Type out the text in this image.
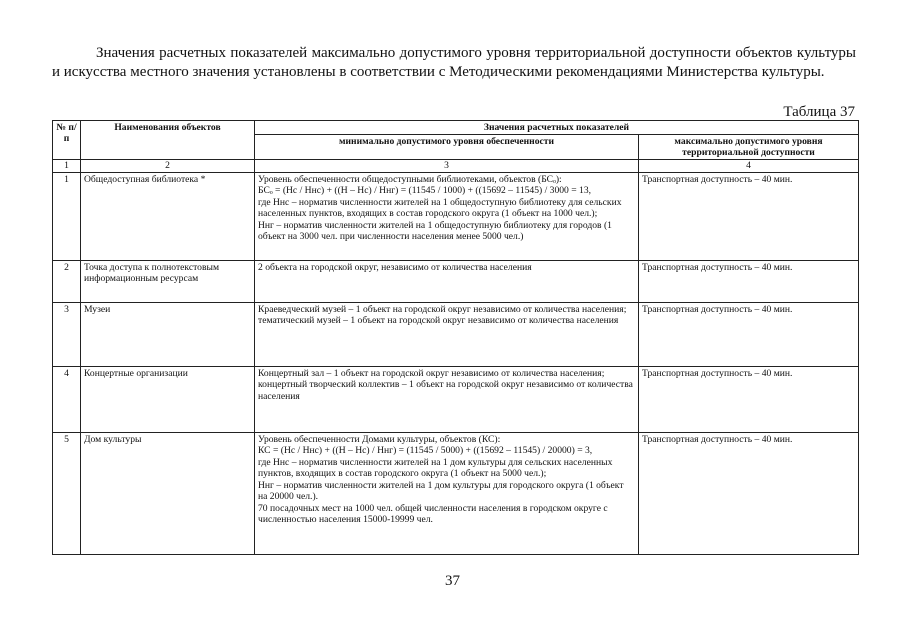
Значения расчетных показателей максимально допустимого уровня территориальной доступности объектов культуры и искусства местного значения установлены в соответствии с Методическими рекомендациями Министерства культуры.

Таблица 37
№ п/п	Наименования объектов	Значения расчетных показателей	
		минимально допустимого уровня обеспеченности	максимально допустимого уровня территориальной доступности
1	2	3	4
1	Общедоступная библиотека *	Уровень обеспеченности общедоступными библиотеками, объектов (БСₒ):
БСₒ = (Нс / Ннс) + ((Н – Нс) / Ннг) = (11545 / 1000) + ((15692 – 11545) / 3000 = 13,
где Ннс – норматив численности жителей на 1 общедоступную библиотеку для сельских населенных пунктов, входящих в состав городского округа (1 объект на 1000 чел.);
Ннг – норматив численности жителей на 1 общедоступную библиотеку для городов (1 объект на 3000 чел. при численности населения менее 5000 чел.)	Транспортная доступность – 40 мин.
2	Точка доступа к полнотекстовым информационным ресурсам	2 объекта на городской округ, независимо от количества населения	Транспортная доступность – 40 мин.
3	Музеи	Краеведческий музей – 1 объект на городской округ независимо от количества населения;
тематический музей – 1 объект на городской округ независимо от количества населения	Транспортная доступность – 40 мин.
4	Концертные организации	Концертный зал – 1 объект на городской округ независимо от количества населения;
концертный творческий коллектив – 1 объект на городской округ независимо от количества населения	Транспортная доступность – 40 мин.
5	Дом культуры	Уровень обеспеченности Домами культуры, объектов (КС):
КС = (Нс / Ннс) + ((Н – Нс) / Ннг) = (11545 / 5000) + ((15692 – 11545) / 20000) = 3,
где Ннс – норматив численности жителей на 1 дом культуры для сельских населенных пунктов, входящих в состав городского округа (1 объект на 5000 чел.);
Ннг – норматив численности жителей на 1 дом культуры для городского округа (1 объект на 20000 чел.).
70 посадочных мест на 1000 чел. общей численности населения в городском округе с численностью населения 15000-19999 чел.	Транспортная доступность – 40 мин.
37
